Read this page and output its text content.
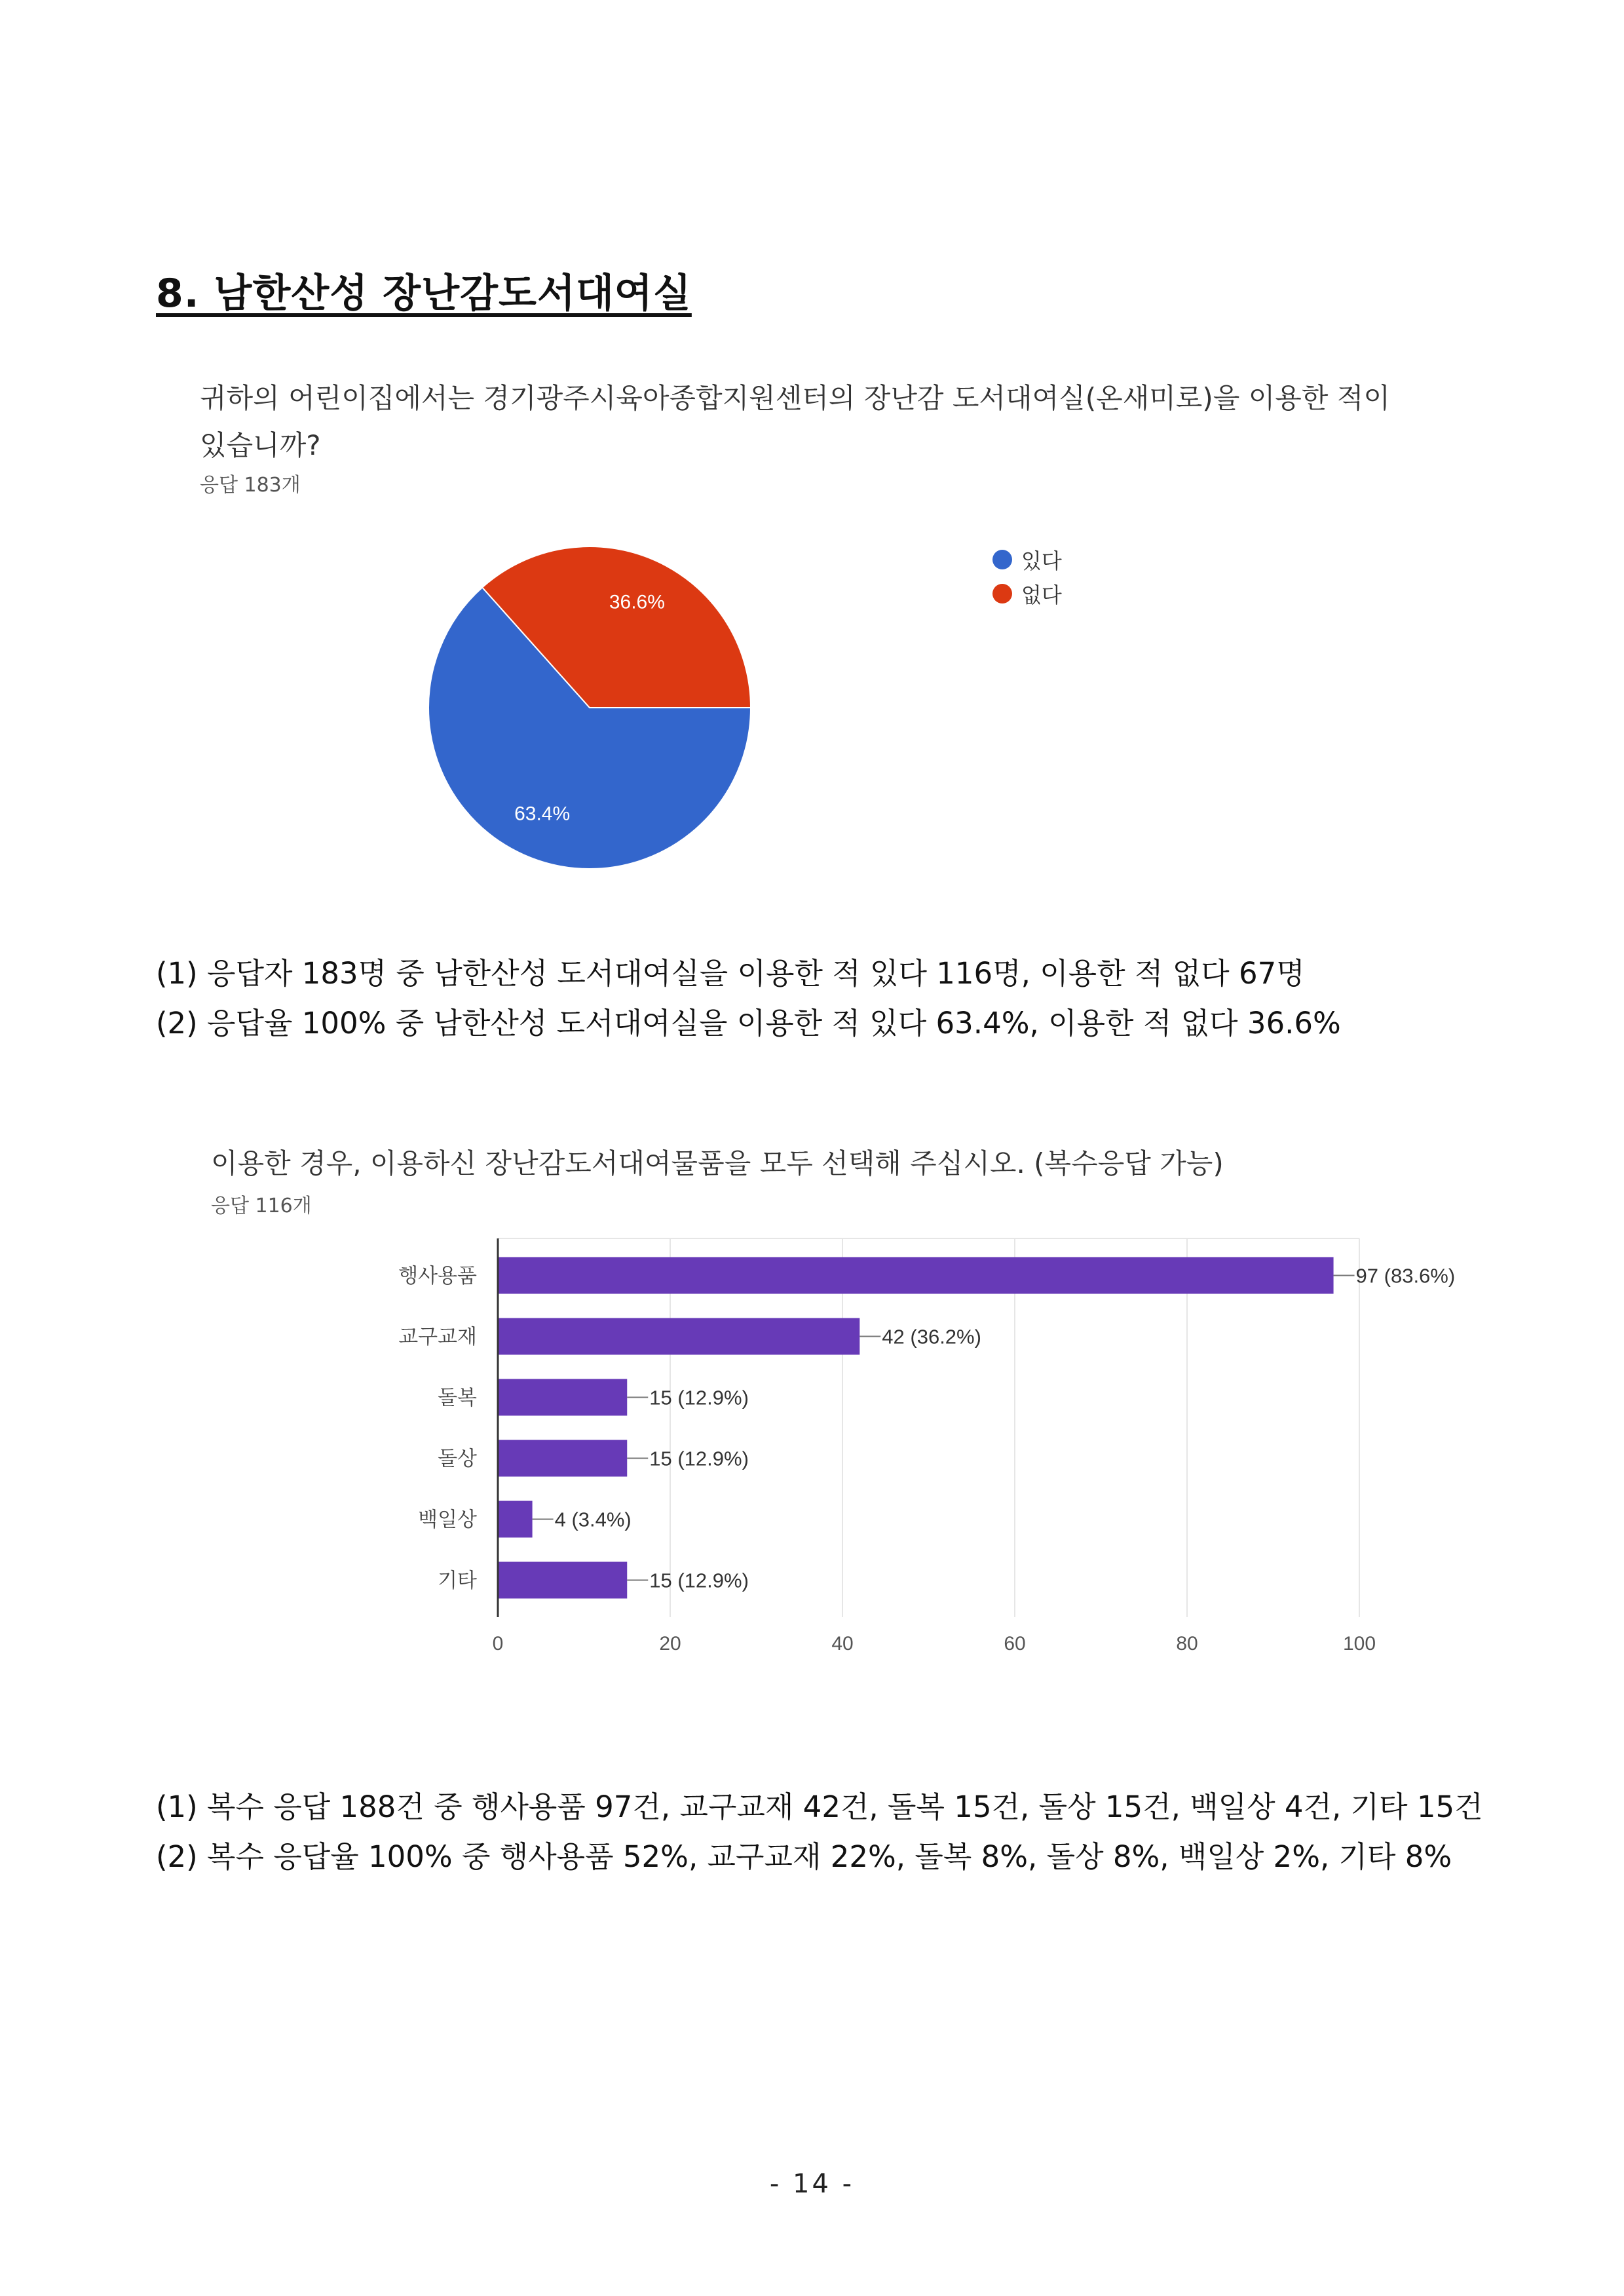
8. 남한산성 장난감도서대여실
귀하의 어린이집에서는 경기광주시육아종합지원센터의 장난감 도서대여실(온새미로)을 이용한 적이
있습니까?
응답 183개
63.4%
36.6%
있다
없다
(1) 응답자 183명 중 남한산성 도서대여실을 이용한 적 있다 116명, 이용한 적 없다 67명
(2) 응답율 100% 중 남한산성 도서대여실을 이용한 적 있다 63.4%, 이용한 적 없다 36.6%
이용한 경우, 이용하신 장난감도서대여물품을 모두 선택해 주십시오. (복수응답 가능)
응답 116개
0	20	40	60	80	100
행사용품	97 (83.6%)
교구교재	42 (36.2%)
돌복	15 (12.9%)
돌상	15 (12.9%)
백일상	4 (3.4%)
기타	15 (12.9%)
(1) 복수 응답 188건 중 행사용품 97건, 교구교재 42건, 돌복 15건, 돌상 15건, 백일상 4건, 기타 15건
(2) 복수 응답율 100% 중 행사용품 52%, 교구교재 22%, 돌복 8%, 돌상 8%, 백일상 2%, 기타 8%
- 14 -
